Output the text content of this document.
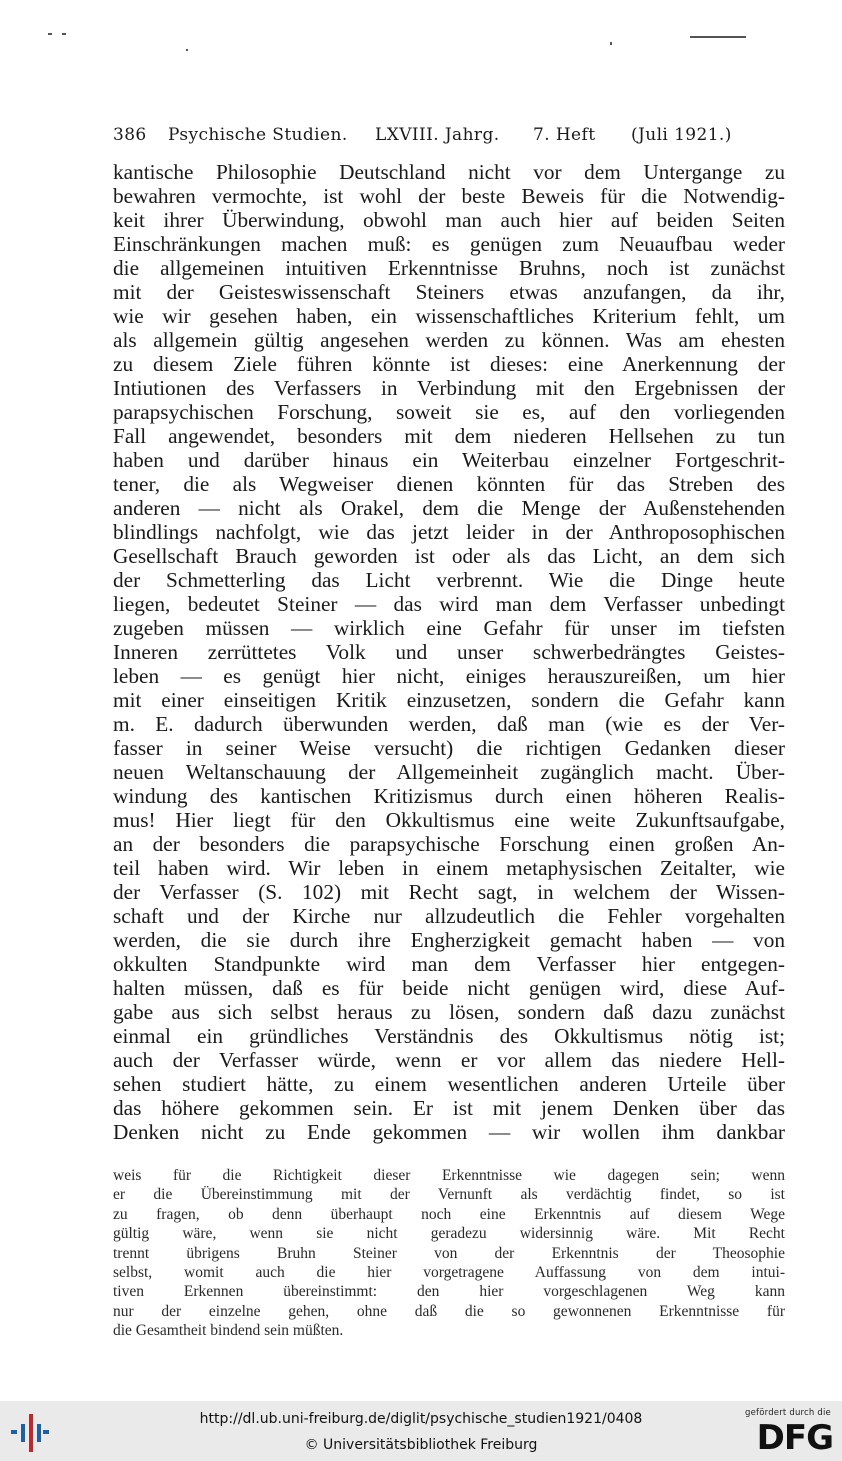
386 Psychische Studien. LXVIII. Jahrg. 7. Heft (Juli 1921.)
kantische Philosophie Deutschland nicht vor dem Untergange zu
bewahren vermochte, ist wohl der beste Beweis für die Notwendig-
keit ihrer Überwindung, obwohl man auch hier auf beiden Seiten
Einschränkungen machen muß: es genügen zum Neuaufbau weder
die allgemeinen intuitiven Erkenntnisse Bruhns, noch ist zunächst
mit der Geisteswissenschaft Steiners etwas anzufangen, da ihr,
wie wir gesehen haben, ein wissenschaftliches Kriterium fehlt, um
als allgemein gültig angesehen werden zu können. Was am ehesten
zu diesem Ziele führen könnte ist dieses: eine Anerkennung der
Intiutionen des Verfassers in Verbindung mit den Ergebnissen der
parapsychischen Forschung, soweit sie es, auf den vorliegenden
Fall angewendet, besonders mit dem niederen Hellsehen zu tun
haben und darüber hinaus ein Weiterbau einzelner Fortgeschrit-
tener, die als Wegweiser dienen könnten für das Streben des
anderen — nicht als Orakel, dem die Menge der Außenstehenden
blindlings nachfolgt, wie das jetzt leider in der Anthroposophischen
Gesellschaft Brauch geworden ist oder als das Licht, an dem sich
der Schmetterling das Licht verbrennt. Wie die Dinge heute
liegen, bedeutet Steiner — das wird man dem Verfasser unbedingt
zugeben müssen — wirklich eine Gefahr für unser im tiefsten
Inneren zerrüttetes Volk und unser schwerbedrängtes Geistes-
leben — es genügt hier nicht, einiges herauszureißen, um hier
mit einer einseitigen Kritik einzusetzen, sondern die Gefahr kann
m. E. dadurch überwunden werden, daß man (wie es der Ver-
fasser in seiner Weise versucht) die richtigen Gedanken dieser
neuen Weltanschauung der Allgemeinheit zugänglich macht. Über-
windung des kantischen Kritizismus durch einen höheren Realis-
mus! Hier liegt für den Okkultismus eine weite Zukunftsaufgabe,
an der besonders die parapsychische Forschung einen großen An-
teil haben wird. Wir leben in einem metaphysischen Zeitalter, wie
der Verfasser (S. 102) mit Recht sagt, in welchem der Wissen-
schaft und der Kirche nur allzudeutlich die Fehler vorgehalten
werden, die sie durch ihre Engherzigkeit gemacht haben — von
okkulten Standpunkte wird man dem Verfasser hier entgegen-
halten müssen, daß es für beide nicht genügen wird, diese Auf-
gabe aus sich selbst heraus zu lösen, sondern daß dazu zunächst
einmal ein gründliches Verständnis des Okkultismus nötig ist;
auch der Verfasser würde, wenn er vor allem das niedere Hell-
sehen studiert hätte, zu einem wesentlichen anderen Urteile über
das höhere gekommen sein. Er ist mit jenem Denken über das
Denken nicht zu Ende gekommen — wir wollen ihm dankbar
weis für die Richtigkeit dieser Erkenntnisse wie dagegen sein; wenn
er die Übereinstimmung mit der Vernunft als verdächtig findet, so ist
zu fragen, ob denn überhaupt noch eine Erkenntnis auf diesem Wege
gültig wäre, wenn sie nicht geradezu widersinnig wäre. Mit Recht
trennt übrigens Bruhn Steiner von der Erkenntnis der Theosophie
selbst, womit auch die hier vorgetragene Auffassung von dem intui-
tiven Erkennen übereinstimmt: den hier vorgeschlagenen Weg kann
nur der einzelne gehen, ohne daß die so gewonnenen Erkenntnisse für
die Gesamtheit bindend sein müßten.
http://dl.ub.uni-freiburg.de/diglit/psychische_studien1921/0408
© Universitätsbibliothek Freiburg
gefördert durch die
DFG
